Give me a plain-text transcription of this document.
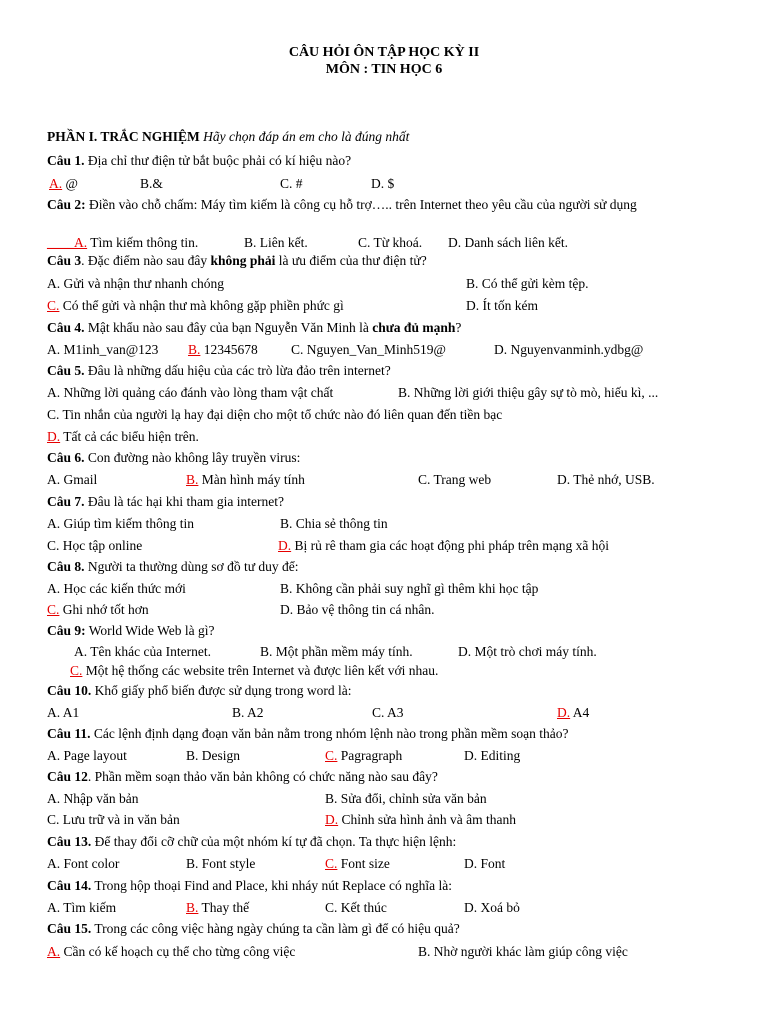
CÂU HỎI ÔN TẬP HỌC KỲ II
MÔN : TIN HỌC 6
PHẦN I. TRẮC NGHIỆM Hãy chọn đáp án em cho là đúng nhất
Câu 1. Địa chỉ thư điện tử bắt buộc phải có kí hiệu nào?
A. @	B.&	C. #	D. $
Câu 2: Điền vào chỗ chấm: Máy tìm kiếm là công cụ hỗ trợ….. trên Internet theo yêu cầu của người sử dụng
____A. Tìm kiếm thông tin.	B. Liên kết.	C. Từ khoá. D. Danh sách liên kết.
Câu 3. Đặc điểm nào sau đây không phải là ưu điểm của thư điện tử?
A. Gửi và nhận thư nhanh chóng	B. Có thể gửi kèm tệp.
C. Có thể gửi và nhận thư mà không gặp phiền phức gì	D. Ít tốn kém
Câu 4. Mật khẩu nào sau đây của bạn Nguyễn Văn Minh là chưa đủ mạnh?
A. M1inh_van@123 B. 12345678 C. Nguyen_Van_Minh519@	D. Nguyenvanminh.ydbg@
Câu 5. Đâu là những dấu hiệu của các trò lừa đảo trên internet?
A. Những lời quảng cáo đánh vào lòng tham vật chất	B. Những lời giới thiệu gây sự tò mò, hiếu kì, ...
C. Tin nhắn của người lạ hay đại diện cho một tổ chức nào đó liên quan đến tiền bạc
D. Tất cả các biểu hiện trên.
Câu 6. Con đường nào không lây truyền virus:
A. Gmail	B. Màn hình máy tính	C. Trang web	D. Thẻ nhớ, USB.
Câu 7. Đâu là tác hại khi tham gia internet?
A. Giúp tìm kiếm thông tin	B. Chia sẻ thông tin
C. Học tập online	D. Bị rủ rê tham gia các hoạt động phi pháp trên mạng xã hội
Câu 8. Người ta thường dùng sơ đồ tư duy để:
A. Học các kiến thức mới	B. Không cần phải suy nghĩ gì thêm khi học tập
C. Ghi nhớ tốt hơn	D. Bảo vệ thông tin cá nhân.
Câu 9: World Wide Web là gì?
A. Tên khác của Internet.	B. Một phần mềm máy tính.	D. Một trò chơi máy tính.
C. Một hệ thống các website trên Internet và được liên kết với nhau.
Câu 10. Khổ giấy phổ biến được sử dụng trong word là:
A. A1	B. A2	C. A3	D. A4
Câu 11. Các lệnh định dạng đoạn văn bản nằm trong nhóm lệnh nào trong phần mềm soạn thảo?
A. Page layout	B. Design	C. Pagragraph	D. Editing
Câu 12. Phần mềm soạn thảo văn bản không có chức năng nào sau đây?
A. Nhập văn bản	B. Sửa đổi, chỉnh sửa văn bản
C. Lưu trữ và in văn bản	D. Chỉnh sửa hình ảnh và âm thanh
Câu 13. Để thay đổi cỡ chữ của một nhóm kí tự đã chọn. Ta thực hiện lệnh:
A. Font color	B. Font style	C. Font size	D. Font
Câu 14. Trong hộp thoại Find and Place, khi nháy nút Replace có nghĩa là:
A. Tìm kiếm	B. Thay thế	C. Kết thúc	D. Xoá bỏ
Câu 15. Trong các công việc hàng ngày chúng ta cần làm gì để có hiệu quả?
A. Cần có kế hoạch cụ thể cho từng công việc	B. Nhờ người khác làm giúp công việc
